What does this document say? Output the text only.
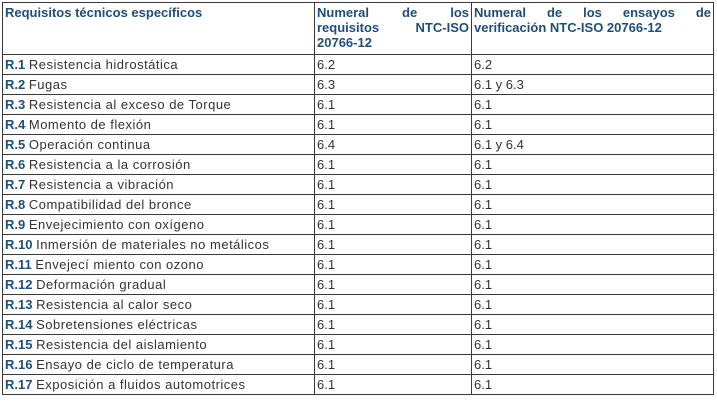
Requisitos técnicos específicos	Numeral de los requisitos NTC-ISO 20766-12	Numeral de los ensayos de verificación NTC-ISO 20766-12
R.1 Resistencia hidrostática	6.2	6.2
R.2 Fugas	6.3	6.1 y 6.3
R.3 Resistencia al exceso de Torque	6.1	6.1
R.4 Momento de flexión	6.1	6.1
R.5 Operación continua	6.4	6.1 y 6.4
R.6 Resistencia a la corrosión	6.1	6.1
R.7 Resistencia a vibración	6.1	6.1
R.8 Compatibilidad del bronce	6.1	6.1
R.9 Envejecimiento con oxígeno	6.1	6.1
R.10 Inmersión de materiales no metálicos	6.1	6.1
R.11 Envejecí miento con ozono	6.1	6.1
R.12 Deformación gradual	6.1	6.1
R.13 Resistencia al calor seco	6.1	6.1
R.14 Sobretensiones eléctricas	6.1	6.1
R.15 Resistencia del aislamiento	6.1	6.1
R.16 Ensayo de ciclo de temperatura	6.1	6.1
R.17 Exposición a fluidos automotrices	6.1	6.1
